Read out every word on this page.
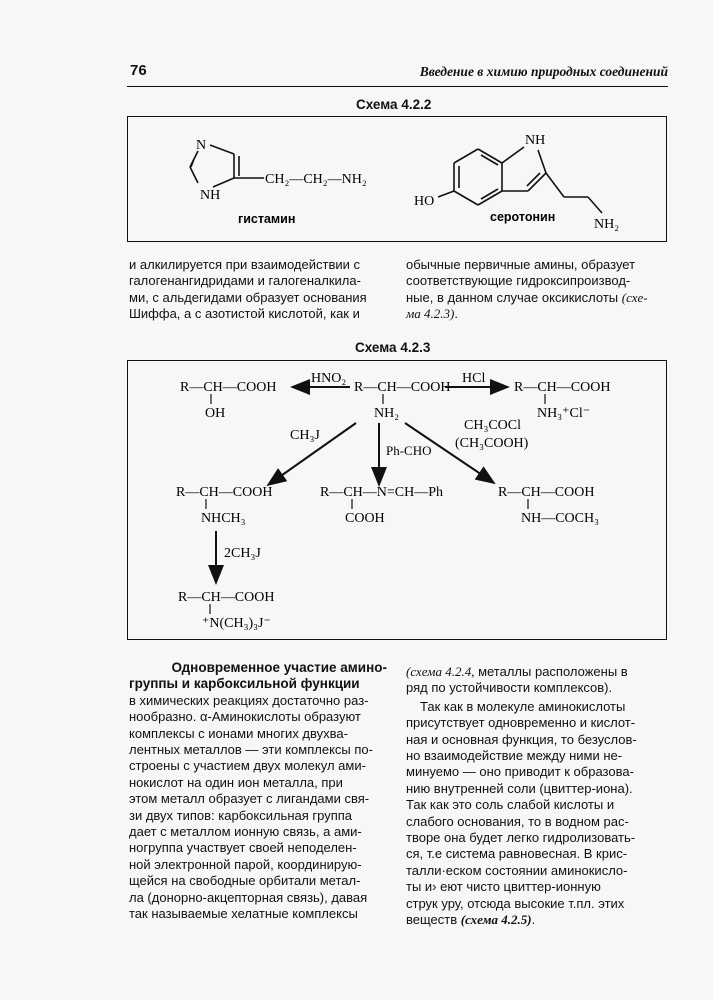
76	Введение в химию природных соединений
Схема 4.2.2
N
NH
CH₂—CH₂—NH₂
гистамин
NH
HO
NH₂
серотонин

и алкилируется при взаимодействии с

галогенангидридами и галогеналкила-

ми, с альдегидами образует основания

Шиффа, а с азотистой кислотой, как и

обычные первичные амины, образует

соответствующие гидроксипроизвод-

ные, в данном случае оксикислоты (схе-

ма 4.2.3).

Схема 4.2.3
R—CH—COOH
OH
HNO₂
R—CH—COOH
NH₂
HCl
R—CH—COOH
NH₃⁺Cl⁻
CH₃J
Ph-CHO
CH₃COCl
(CH₃COOH)
R—CH—COOH
NHCH₃
R—CH—N=CH—Ph
COOH
R—CH—COOH
NH—COCH₃
2CH₃J
R—CH—COOH
⁺N(CH₃)₃J⁻

Одновременное участие амино-

группы и карбоксильной функции

в химических реакциях достаточно раз-

нообразно. α-Аминокислоты образуют

комплексы с ионами многих двухва-

лентных металлов — эти комплексы по-

строены с участием двух молекул ами-

нокислот на один ион металла, при

этом металл образует с лигандами свя-

зи двух типов: карбоксильная группа

дает с металлом ионную связь, а ами-

ногруппа участвует своей неподелен-

ной электронной парой, координирую-

щейся на свободные орбитали метал-

ла (донорно-акцепторная связь), давая

так называемые хелатные комплексы

(схема 4.2.4, металлы расположены в

ряд по устойчивости комплексов).

Так как в молекуле аминокислоты

присутствует одновременно и кислот-

ная и основная функция, то безуслов-

но взаимодействие между ними не-

минуемо — оно приводит к образова-

нию внутренней соли (цвиттер-иона).

Так как это соль слабой кислоты и

слабого основания, то в водном рас-

творе она будет легко гидролизовать-

ся, т.е система равновесная. В крис-

талли·еском состоянии аминокисло-

ты и› еют чисто цвиттер-ионную

струк уру, отсюда высокие т.пл. этих

веществ (схема 4.2.5).
